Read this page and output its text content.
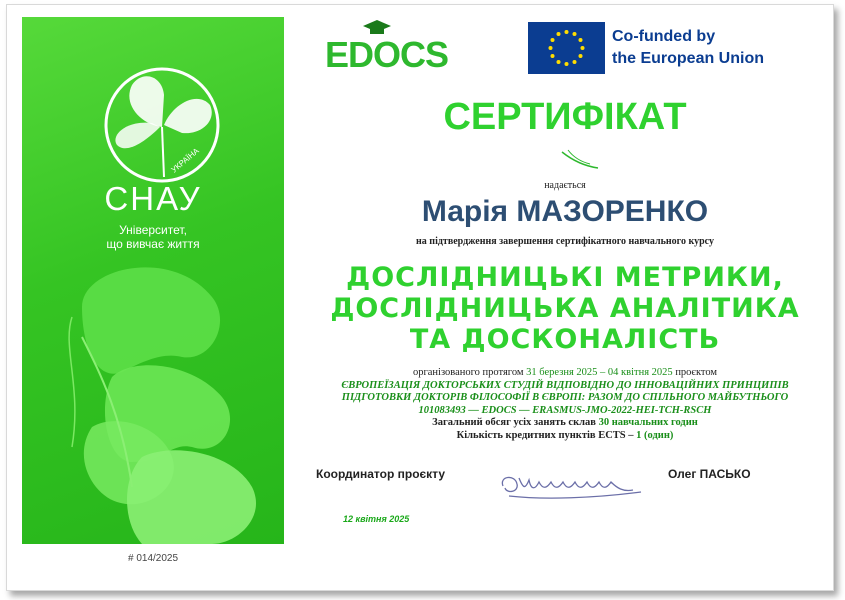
УКРАЇНА
СНАУ
Університет,
що вивчає життя
# 014/2025
EDOCS	Co-funded by
the European Union
СЕРТИФІКАТ
надається
Марія МАЗОРЕНКО
на підтвердження завершення сертифікатного навчального курсу
ДОСЛІДНИЦЬКІ МЕТРИКИ,
ДОСЛІДНИЦЬКА АНАЛІТИКА
ТА ДОСКОНАЛІСТЬ
організованого протягом 31 березня 2025 – 04 квітня 2025 проєктом
ЄВРОПЕЇЗАЦІЯ ДОКТОРСЬКИХ СТУДІЙ ВІДПОВІДНО ДО ІННОВАЦІЙНИХ ПРИНЦИПІВ
ПІДГОТОВКИ ДОКТОРІВ ФІЛОСОФІЇ В ЄВРОПІ: РАЗОМ ДО СПІЛЬНОГО МАЙБУТНЬОГО
101083493 — EDOCS — ERASMUS-JMO-2022-HEI-TCH-RSCH
Загальний обсяг усіх занять склав 30 навчальних годин
Кількість кредитних пунктів ECTS – 1 (один)
Координатор проєкту	Олег ПАСЬКО
12 квітня 2025
